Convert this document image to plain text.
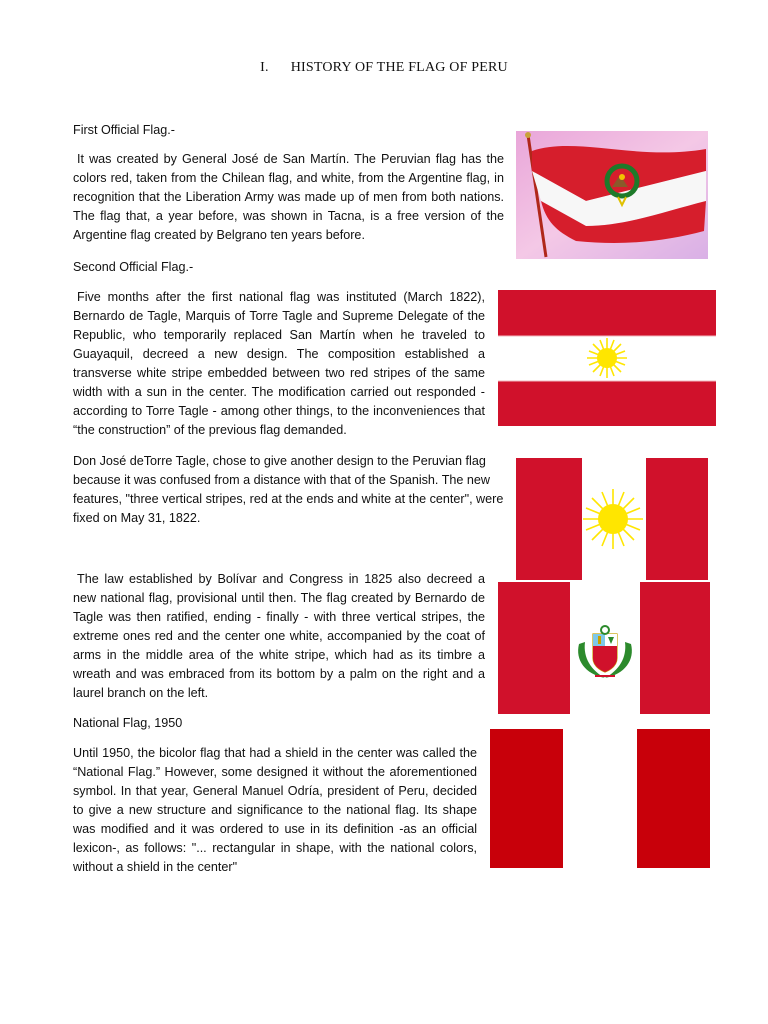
I. HISTORY OF THE FLAG OF PERU

First Official Flag.-

It was created by General José de San Martín. The Peruvian flag has the colors red, taken from the Chilean flag, and white, from the Argentine flag, in recognition that the Liberation Army was made up of men from both nations. The flag that, a year before, was shown in Tacna, is a free version of the Argentine flag created by Belgrano ten years before.

Second Official Flag.-

Five months after the first national flag was instituted (March 1822), Bernardo de Tagle, Marquis of Torre Tagle and Supreme Delegate of the Republic, who temporarily replaced San Martín when he traveled to Guayaquil, decreed a new design. The composition established a transverse white stripe embedded between two red stripes of the same width with a sun in the center. The modification carried out responded - according to Torre Tagle - among other things, to the inconveniences that “the construction” of the previous flag demanded.

Don José deTorre Tagle, chose to give another design to the Peruvian flag because it was confused from a distance with that of the Spanish. The new features, "three vertical stripes, red at the ends and white at the center", were fixed on May 31, 1822.

The law established by Bolívar and Congress in 1825 also decreed a new national flag, provisional until then. The flag created by Bernardo de Tagle was then ratified, ending - finally - with three vertical stripes, the extreme ones red and the center one white, accompanied by the coat of arms in the middle area of the white stripe, which had as its timbre a wreath and was embraced from its bottom by a palm on the right and a laurel branch on the left.

National Flag, 1950

Until 1950, the bicolor flag that had a shield in the center was called the “National Flag.” However, some designed it without the aforementioned symbol. In that year, General Manuel Odría, president of Peru, decided to give a new structure and significance to the national flag. Its shape was modified and it was ordered to use in its definition -as an official lexicon-, as follows: "... rectangular in shape, with the national colors, without a shield in the center"
